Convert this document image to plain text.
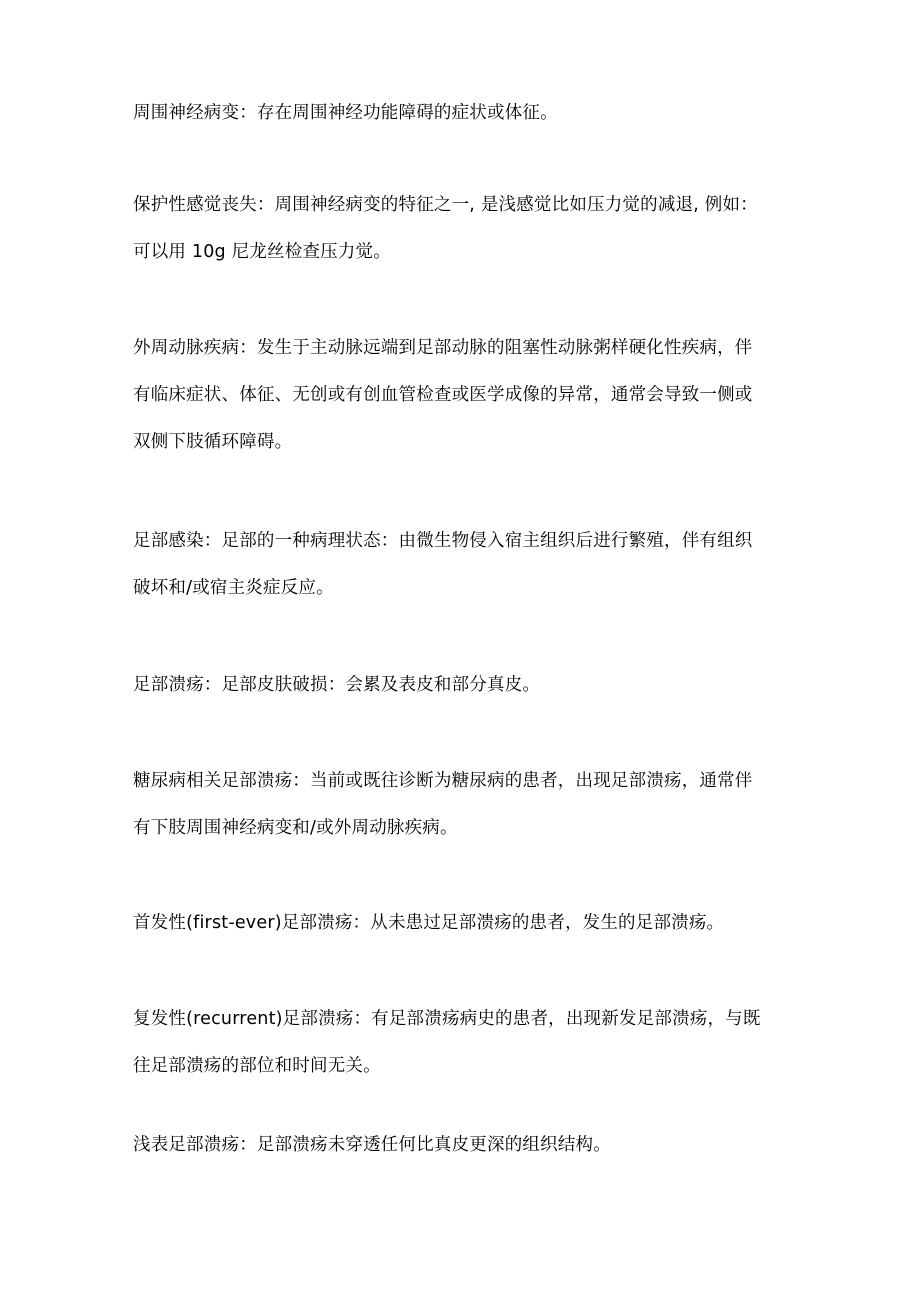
周围神经病变：存在周围神经功能障碍的症状或体征。

保护性感觉丧失：周围神经病变的特征之一, 是浅感觉比如压力觉的减退, 例如：
可以用 10g 尼龙丝检查压力觉。

外周动脉疾病：发生于主动脉远端到足部动脉的阻塞性动脉粥样硬化性疾病，伴
有临床症状、体征、无创或有创血管检查或医学成像的异常，通常会导致一侧或
双侧下肢循环障碍。

足部感染：足部的一种病理状态：由微生物侵入宿主组织后进行繁殖，伴有组织
破坏和/或宿主炎症反应。

足部溃疡：足部皮肤破损：会累及表皮和部分真皮。

糖尿病相关足部溃疡：当前或既往诊断为糖尿病的患者，出现足部溃疡，通常伴
有下肢周围神经病变和/或外周动脉疾病。

首发性(first-ever)足部溃疡：从未患过足部溃疡的患者，发生的足部溃疡。

复发性(recurrent)足部溃疡：有足部溃疡病史的患者，出现新发足部溃疡，与既
往足部溃疡的部位和时间无关。

浅表足部溃疡：足部溃疡未穿透任何比真皮更深的组织结构。
